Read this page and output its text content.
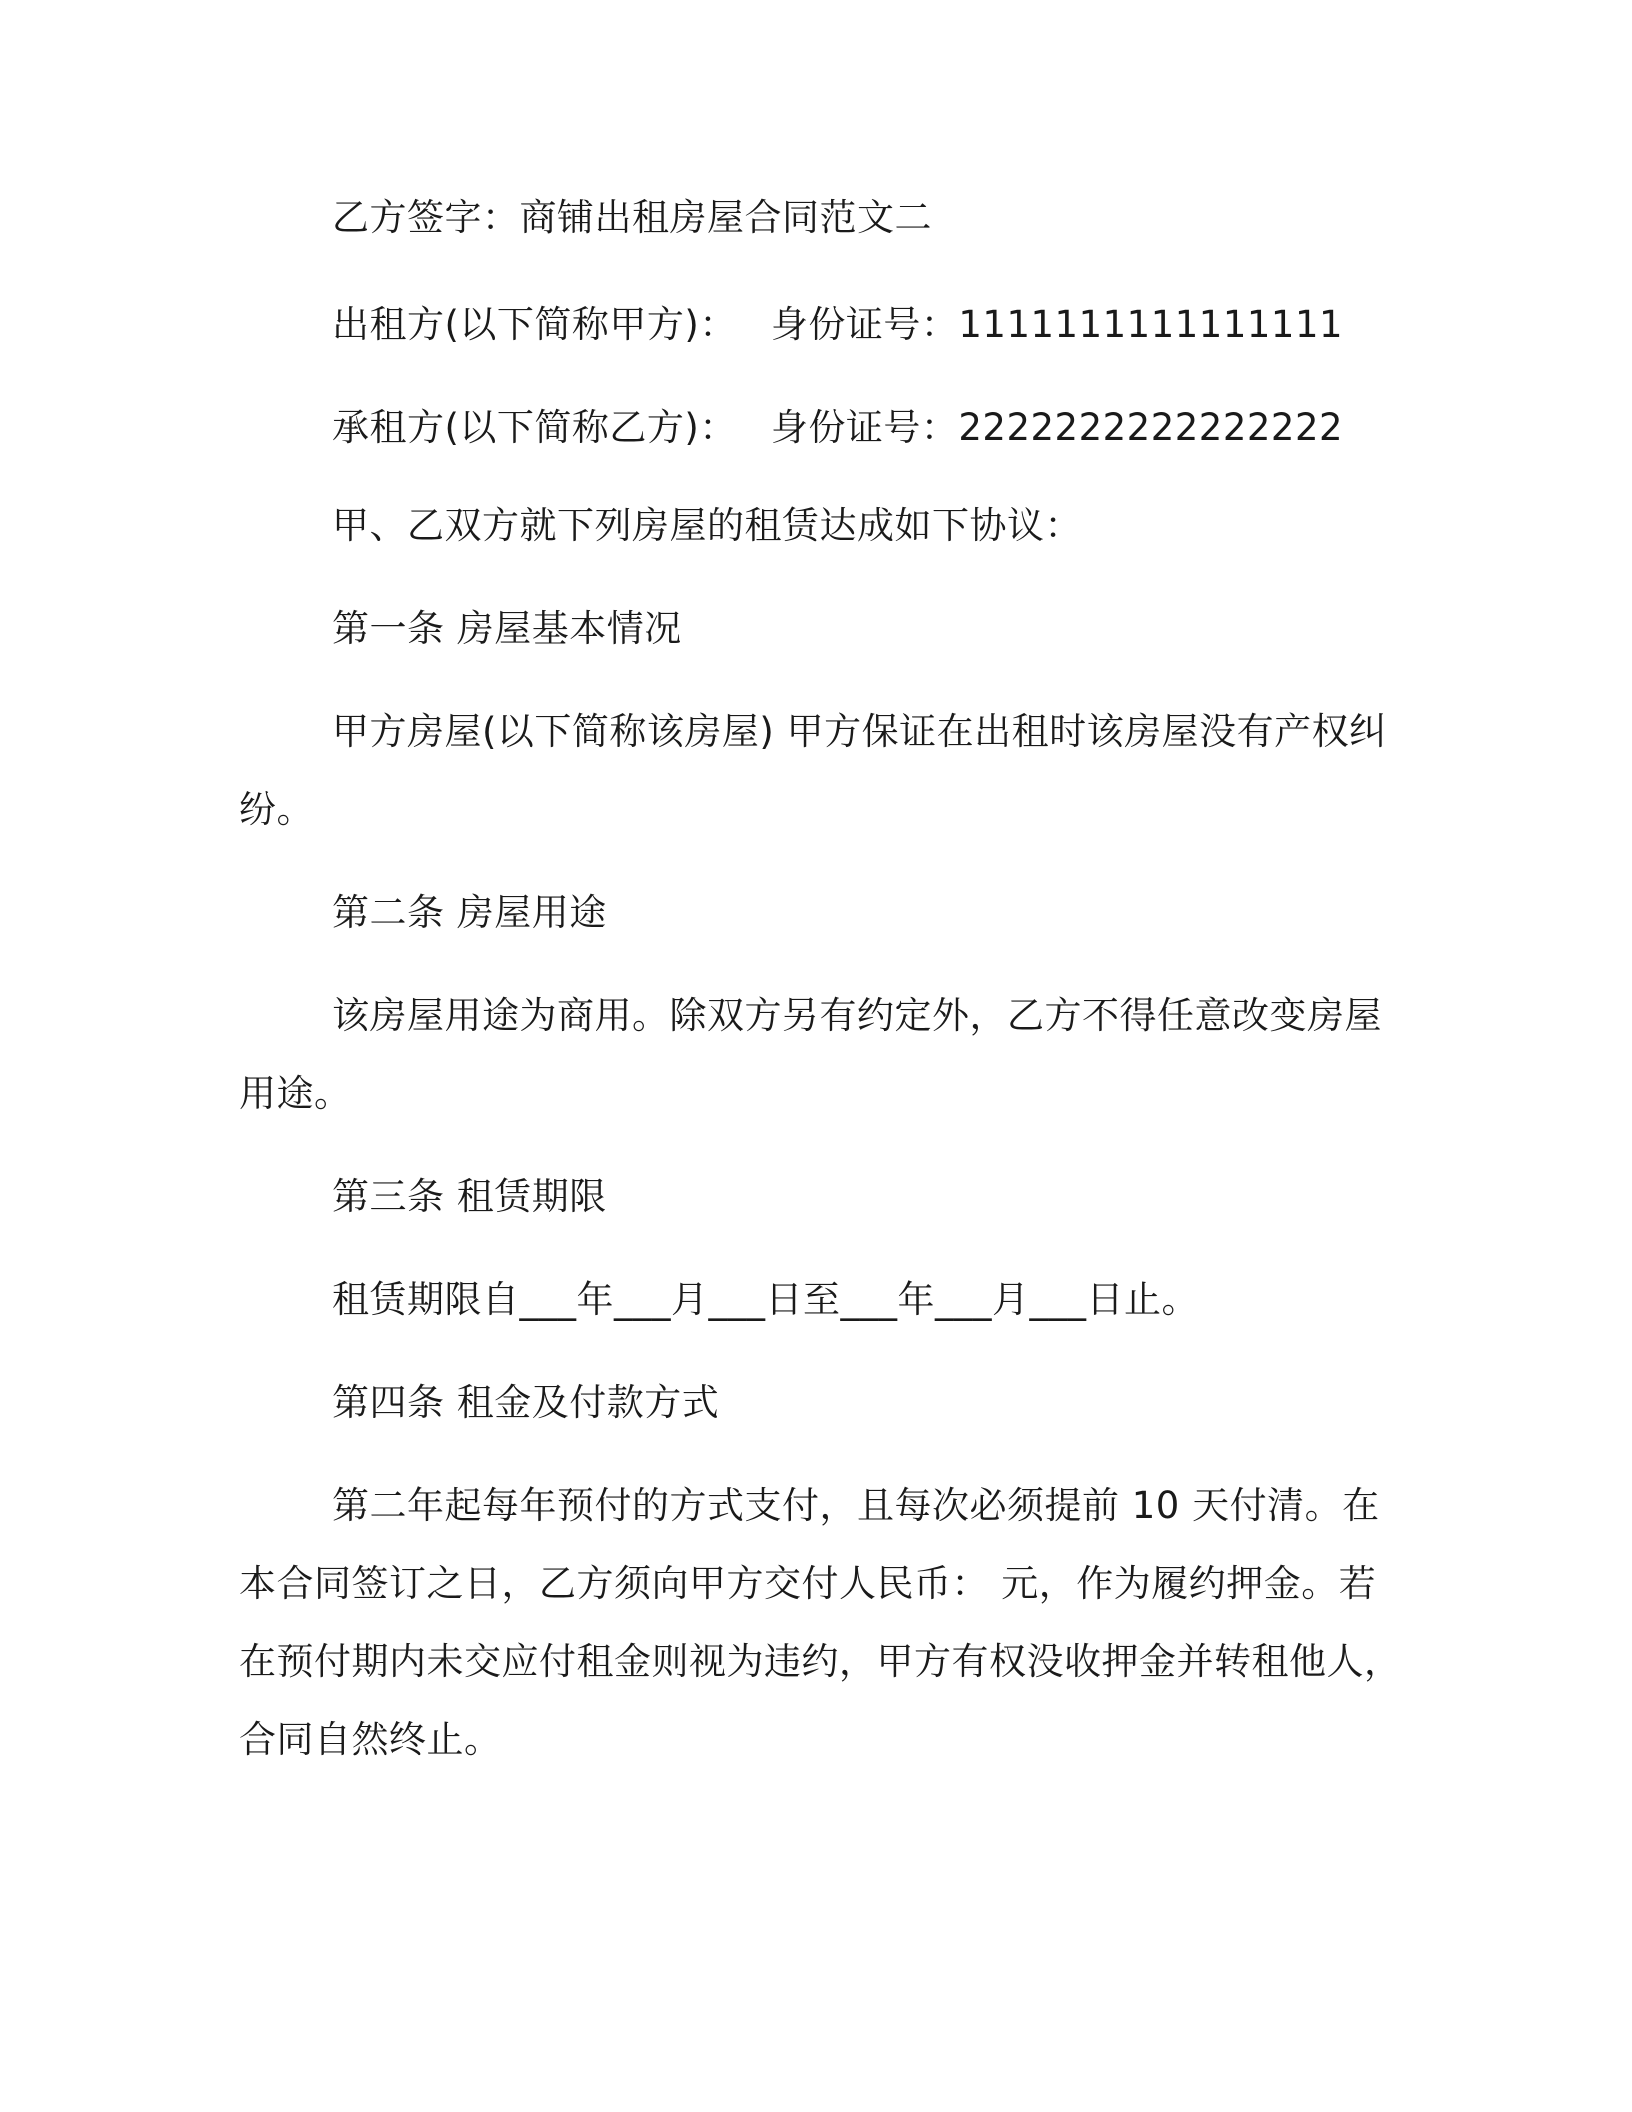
乙方签字：商铺出租房屋合同范文二
出租方(以下简称甲方)： 身份证号：1111111111111111
承租方(以下简称乙方)： 身份证号：2222222222222222
甲、乙双方就下列房屋的租赁达成如下协议：
第一条 房屋基本情况
甲方房屋(以下简称该房屋) 甲方保证在出租时该房屋没有产权纠
纷。
第二条 房屋用途
该房屋用途为商用。除双方另有约定外，乙方不得任意改变房屋
用途。
第三条 租赁期限
租赁期限自___年___月___日至___年___月___日止。
第四条 租金及付款方式
第二年起每年预付的方式支付，且每次必须提前 10 天付清。在
本合同签订之日，乙方须向甲方交付人民币： 元，作为履约押金。若
在预付期内未交应付租金则视为违约，甲方有权没收押金并转租他人，
合同自然终止。
